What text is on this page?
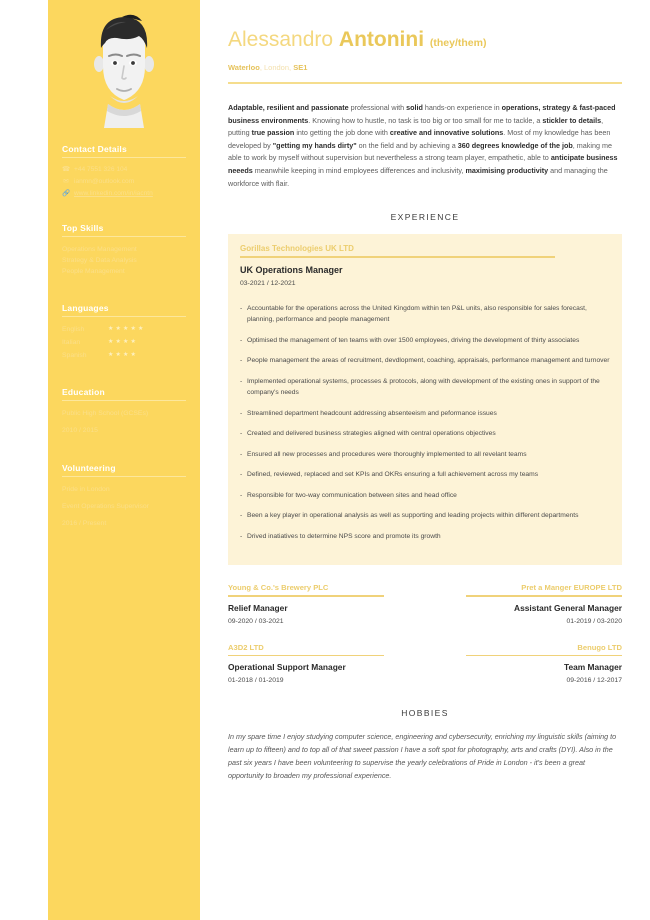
Contact Details
☎ +44 7551 326 104
✉ ianmn@outlook.com
🔗 www.linkedin.com/in/iacntn
Top Skills
Operations Management
Strategy & Data Analysis
People Management
Languages
English	★ ★ ★ ★ ★
Italian	★ ★ ★ ★
Spanish	★ ★ ★ ★
Education
Public High School (GCSEs)
2010 / 2015
Volunteering
Pride in London
Event Operations Supervisor
2016 / Present
Alessandro Antonini (they/them)
Waterloo, London, SE1
Adaptable, resilient and passionate professional with solid hands-on experience in operations, strategy & fast-paced business environments. Knowing how to hustle, no task is too big or too small for me to tackle, a stickler to details, putting true passion into getting the job done with creative and innovative solutions. Most of my knowledge has been developed by "getting my hands dirty" on the field and by achieving a 360 degrees knowledge of the job, making me able to work by myself without supervision but nevertheless a strong team player, empathetic, able to anticipate business neeeds meanwhile keeping in mind employees differences and inclusivity, maximising productivity and managing the workforce with flair.
EXPERIENCE
Gorillas Technologies UK LTD
UK Operations Manager
03-2021 / 12-2021
- Accountable for the operations across the United Kingdom within ten P&L units, also responsible for sales forecast, planning, performance and people management
- Optimised the management of ten teams with over 1500 employees, driving the development of thirty associates
- People management the areas of recruitment, devdlopment, coaching, appraisals, performance management and turnover
- Implemented operational systems, processes & protocols, along with development of the existing ones in support of the company's needs
- Streamlined department headcount addressing absenteeism and peformance issues
- Created and delivered business strategies aligned with central operations objectives
- Ensured all new processes and procedures were thoroughly implemented to all revelant teams
- Defined, reviewed, replaced and set KPIs and OKRs ensuring a full achievement across my teams
- Responsible for two-way communication between sites and head office
- Been a key player in operational analysis as well as supporting and leading projects within different departments
- Drived inatiatives to determine NPS score and promote its growth
Young & Co.'s Brewery PLC
Relief Manager
09-2020 / 03-2021
Pret a Manger EUROPE LTD
Assistant General Manager
01-2019 / 03-2020
A3D2 LTD
Operational Support Manager
01-2018 / 01-2019
Benugo LTD
Team Manager
09-2016 / 12-2017
HOBBIES
In my spare time I enjoy studying computer science, engineering and cybersecurity, enriching my linguistic skills (aiming to learn up to fifteen) and to top all of that sweet passion I have a soft spot for photography, arts and crafts (DYI). Also in the past six years I have been volunteering to supervise the yearly celebrations of Pride in London - it's been a great opportunity to broaden my professional experience.
